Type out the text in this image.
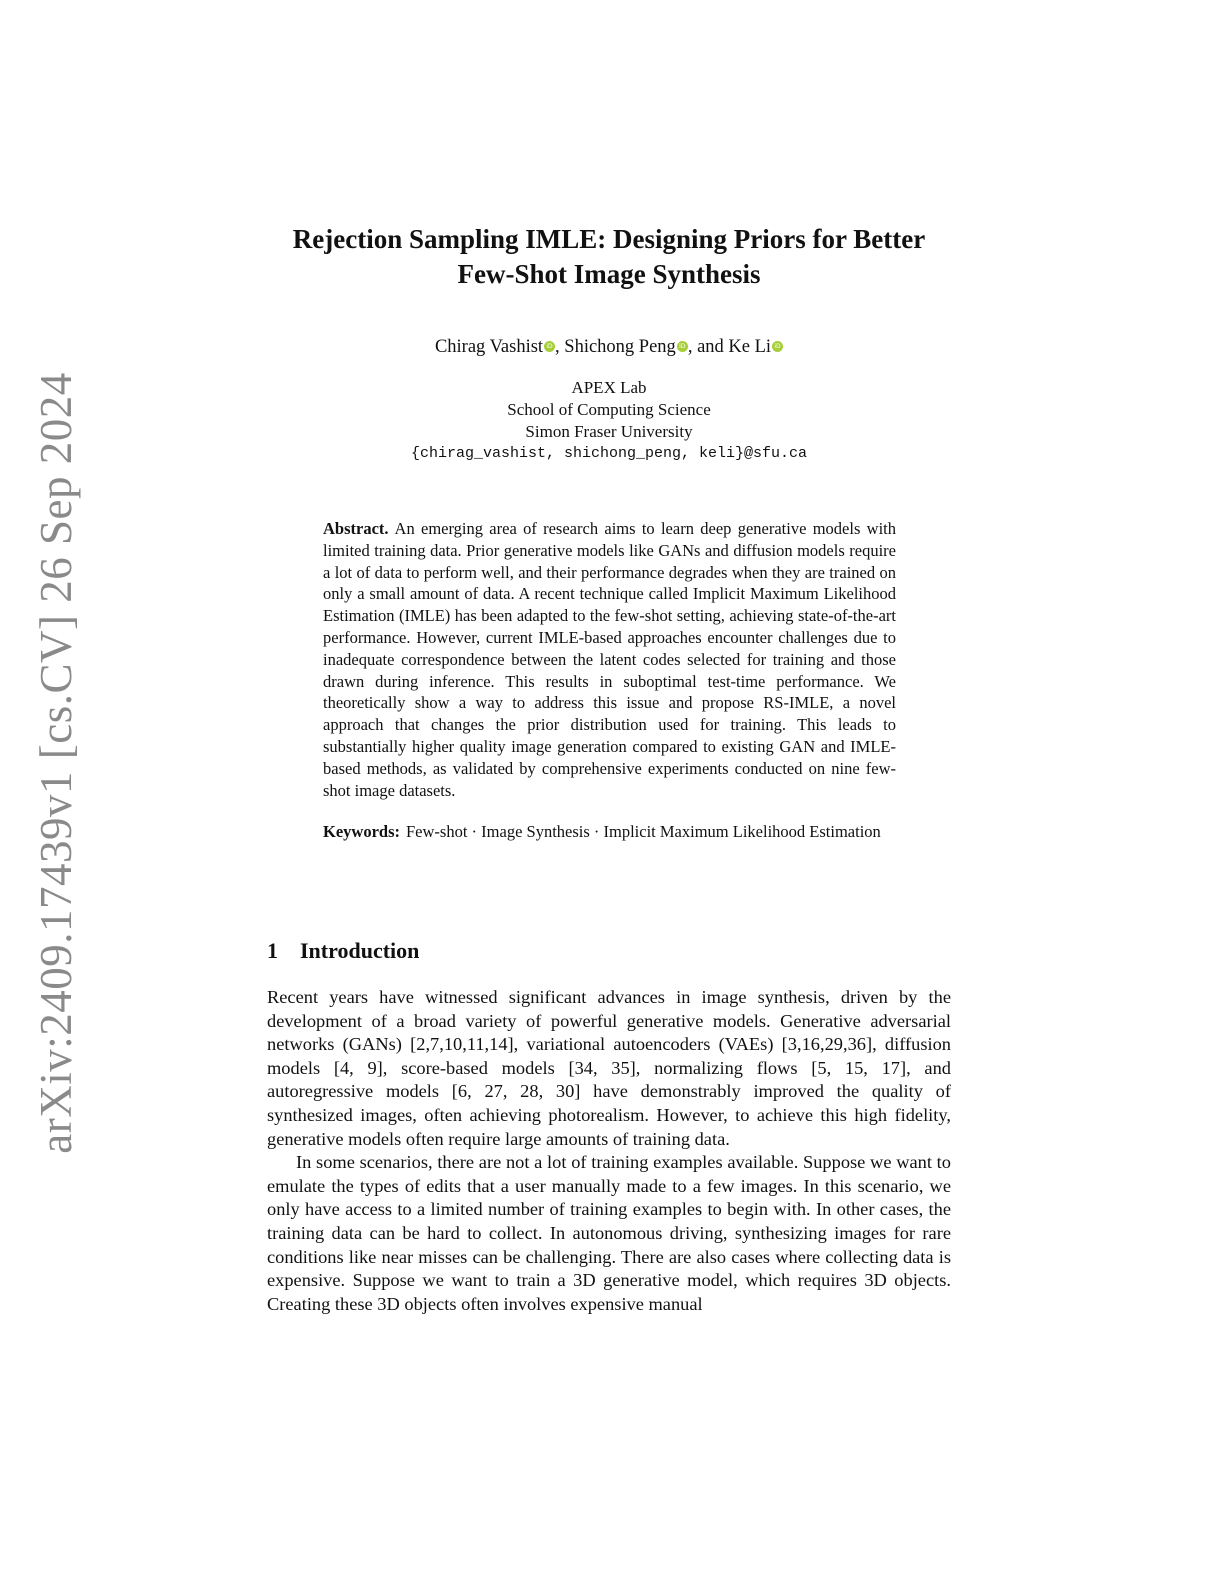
arXiv:2409.17439v1 [cs.CV] 26 Sep 2024
Rejection Sampling IMLE: Designing Priors for Better
Few-Shot Image Synthesis
Chirag Vashist iD , Shichong Peng iD , and Ke Li iD
APEX Lab
School of Computing Science
Simon Fraser University
{chirag_vashist, shichong_peng, keli}@sfu.ca

Abstract. An emerging area of research aims to learn deep generative models with limited training data. Prior generative models like GANs and diffusion models require a lot of data to perform well, and their performance degrades when they are trained on only a small amount of data. A recent technique called Implicit Maximum Likelihood Estimation (IMLE) has been adapted to the few-shot setting, achieving state-of-the-art performance. However, current IMLE-based approaches encounter challenges due to inadequate correspondence between the latent codes selected for training and those drawn during inference. This results in suboptimal test-time performance. We theoretically show a way to address this issue and propose RS-IMLE, a novel approach that changes the prior distribution used for training. This leads to substantially higher quality image generation compared to existing GAN and IMLE-based methods, as validated by comprehensive experiments conducted on nine few-shot image datasets.

Keywords: Few-shot · Image Synthesis · Implicit Maximum Likelihood Estimation

1 Introduction

Recent years have witnessed significant advances in image synthesis, driven by the development of a broad variety of powerful generative models. Generative adversarial networks (GANs) [2,7,10,11,14], variational autoencoders (VAEs) [3,16,29,36], diffusion models [4, 9], score-based models [34, 35], normalizing flows [5, 15, 17], and autoregressive models [6, 27, 28, 30] have demonstrably improved the quality of synthesized images, often achieving photorealism. However, to achieve this high fidelity, generative models often require large amounts of training data.

In some scenarios, there are not a lot of training examples available. Suppose we want to emulate the types of edits that a user manually made to a few images. In this scenario, we only have access to a limited number of training examples to begin with. In other cases, the training data can be hard to collect. In autonomous driving, synthesizing images for rare conditions like near misses can be challenging. There are also cases where collecting data is expensive. Suppose we want to train a 3D generative model, which requires 3D objects. Creating these 3D objects often involves expensive manual
